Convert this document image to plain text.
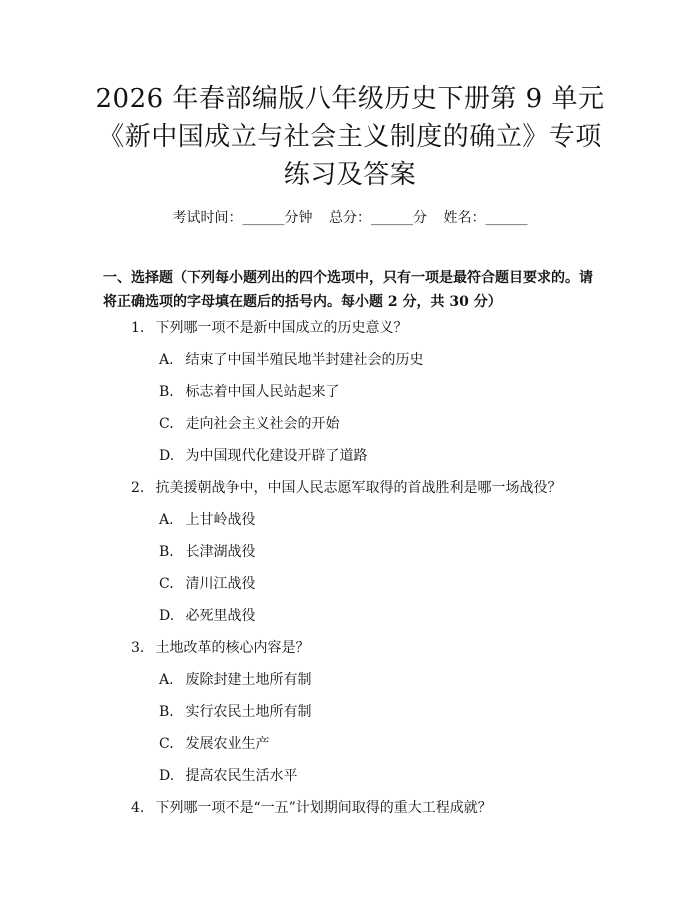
2026 年春部编版八年级历史下册第 9 单元
《新中国成立与社会主义制度的确立》专项
练习及答案
考试时间：______分钟 总分：______分 姓名：______
一、选择题（下列每小题列出的四个选项中，只有一项是最符合题目要求的。请将正确选项的字母填在题后的括号内。每小题 2 分，共 30 分）
1. 下列哪一项不是新中国成立的历史意义？
A. 结束了中国半殖民地半封建社会的历史
B. 标志着中国人民站起来了
C. 走向社会主义社会的开始
D. 为中国现代化建设开辟了道路
2. 抗美援朝战争中，中国人民志愿军取得的首战胜利是哪一场战役？
A. 上甘岭战役
B. 长津湖战役
C. 清川江战役
D. 必死里战役
3. 土地改革的核心内容是？
A. 废除封建土地所有制
B. 实行农民土地所有制
C. 发展农业生产
D. 提高农民生活水平
4. 下列哪一项不是“一五”计划期间取得的重大工程成就？
